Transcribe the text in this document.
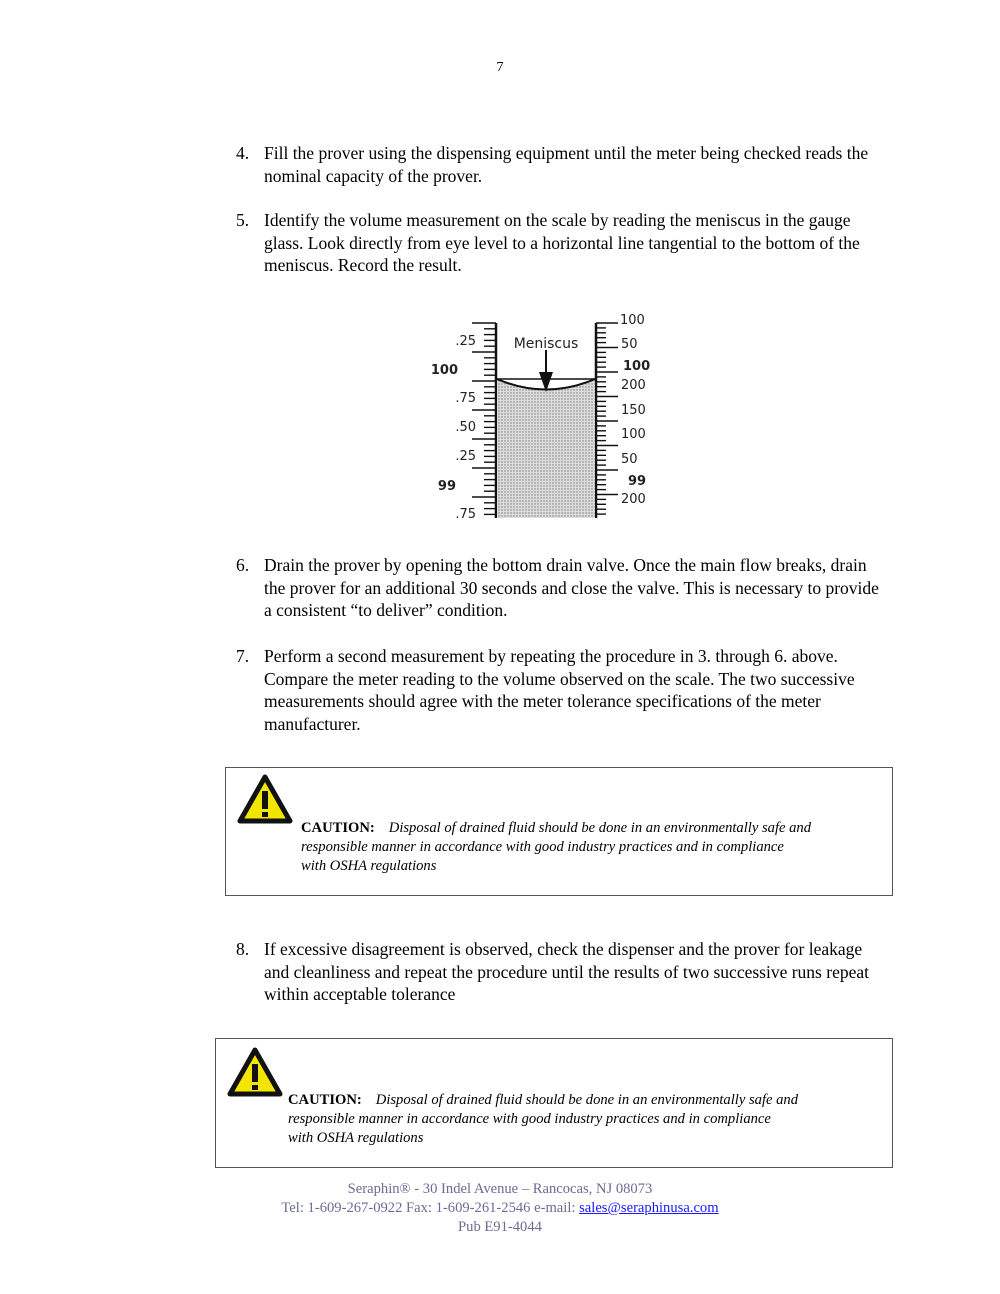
7
4. Fill the prover using the dispensing equipment until the meter being checked reads the nominal capacity of the prover.
5. Identify the volume measurement on the scale by reading the meniscus in the gauge glass. Look directly from eye level to a horizontal line tangential to the bottom of the meniscus. Record the result.
Meniscus
.25
100
.75
.50
.25
99
.75
100
50
100
200
150
100
50
99
200
6. Drain the prover by opening the bottom drain valve. Once the main flow breaks, drain the prover for an additional 30 seconds and close the valve. This is necessary to provide a consistent “to deliver” condition.
7. Perform a second measurement by repeating the procedure in 3. through 6. above. Compare the meter reading to the volume observed on the scale. The two successive measurements should agree with the meter tolerance specifications of the meter manufacturer.
CAUTION: Disposal of drained fluid should be done in an environmentally safe and
responsible manner in accordance with good industry practices and in compliance
with OSHA regulations
8. If excessive disagreement is observed, check the dispenser and the prover for leakage and cleanliness and repeat the procedure until the results of two successive runs repeat within acceptable tolerance
CAUTION: Disposal of drained fluid should be done in an environmentally safe and
responsible manner in accordance with good industry practices and in compliance
with OSHA regulations
Seraphin® - 30 Indel Avenue – Rancocas, NJ 08073
Tel: 1-609-267-0922 Fax: 1-609-261-2546 e-mail: sales@seraphinusa.com
Pub E91-4044
